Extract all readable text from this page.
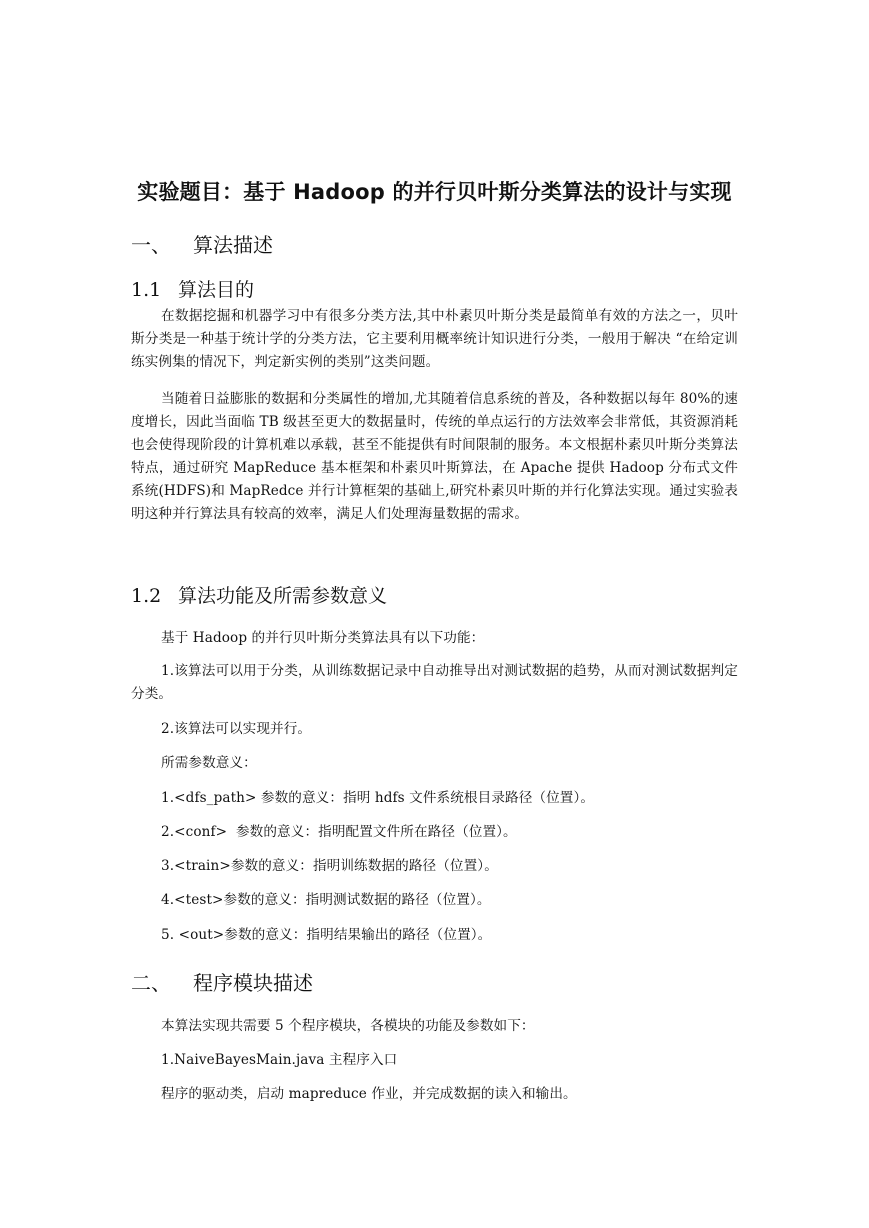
实验题目：基于 Hadoop 的并行贝叶斯分类算法的设计与实现
一、 算法描述
1.1 算法目的

在数据挖掘和机器学习中有很多分类方法,其中朴素贝叶斯分类是最简单有效的方法之一，贝叶斯分类是一种基于统计学的分类方法，它主要利用概率统计知识进行分类，一般用于解决 “在给定训练实例集的情况下，判定新实例的类别”这类问题。

当随着日益膨胀的数据和分类属性的增加,尤其随着信息系统的普及，各种数据以每年 80%的速度增长，因此当面临 TB 级甚至更大的数据量时，传统的单点运行的方法效率会非常低，其资源消耗也会使得现阶段的计算机难以承载，甚至不能提供有时间限制的服务。本文根据朴素贝叶斯分类算法特点，通过研究 MapReduce 基本框架和朴素贝叶斯算法，在 Apache 提供 Hadoop 分布式文件系统(HDFS)和 MapRedce 并行计算框架的基础上,研究朴素贝叶斯的并行化算法实现。通过实验表明这种并行算法具有较高的效率，满足人们处理海量数据的需求。

1.2 算法功能及所需参数意义
基于 Hadoop 的并行贝叶斯分类算法具有以下功能：

1.该算法可以用于分类，从训练数据记录中自动推导出对测试数据的趋势，从而对测试数据判定分类。

2.该算法可以实现并行。
所需参数意义：
1.<dfs_path> 参数的意义：指明 hdfs 文件系统根目录路径（位置）。
2.<conf>  参数的意义：指明配置文件所在路径（位置）。
3.<train>参数的意义：指明训练数据的路径（位置）。
4.<test>参数的意义：指明测试数据的路径（位置）。
5. <out>参数的意义：指明结果输出的路径（位置）。
二、 程序模块描述
本算法实现共需要 5 个程序模块，各模块的功能及参数如下：
1.NaiveBayesMain.java 主程序入口
程序的驱动类，启动 mapreduce 作业，并完成数据的读入和输出。
